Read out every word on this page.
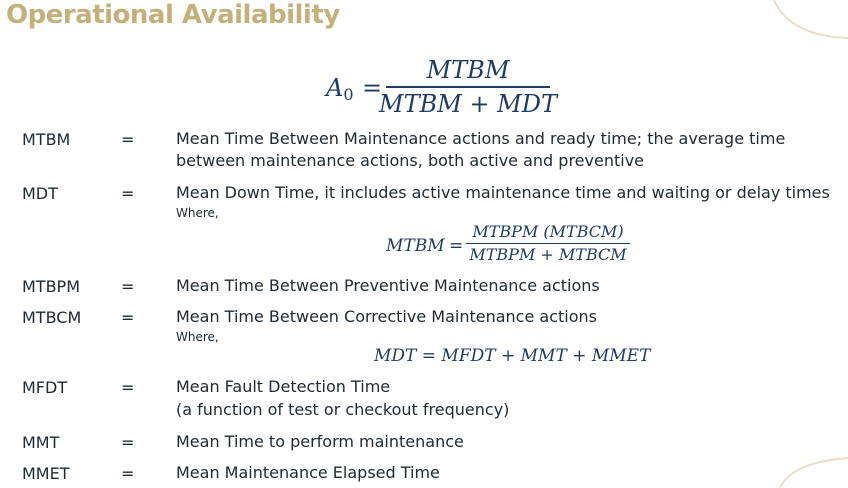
Operational Availability
A0 =
MTBM
MTBM + MDT
MTBM	=	Mean Time Between Maintenance actions and ready time; the average time
between maintenance actions, both active and preventive
MDT	=	Mean Down Time, it includes active maintenance time and waiting or delay times
Where,
MTBM =
MTBPM (MTBCM)
MTBPM + MTBCM
MTBPM	=	Mean Time Between Preventive Maintenance actions
MTBCM =	Mean Time Between Corrective Maintenance actions
Where,
MDT = MFDT + MMT + MMET
MFDT	=	Mean Fault Detection Time
(a function of test or checkout frequency)
MMT	=	Mean Time to perform maintenance
MMET	=	Mean Maintenance Elapsed Time
